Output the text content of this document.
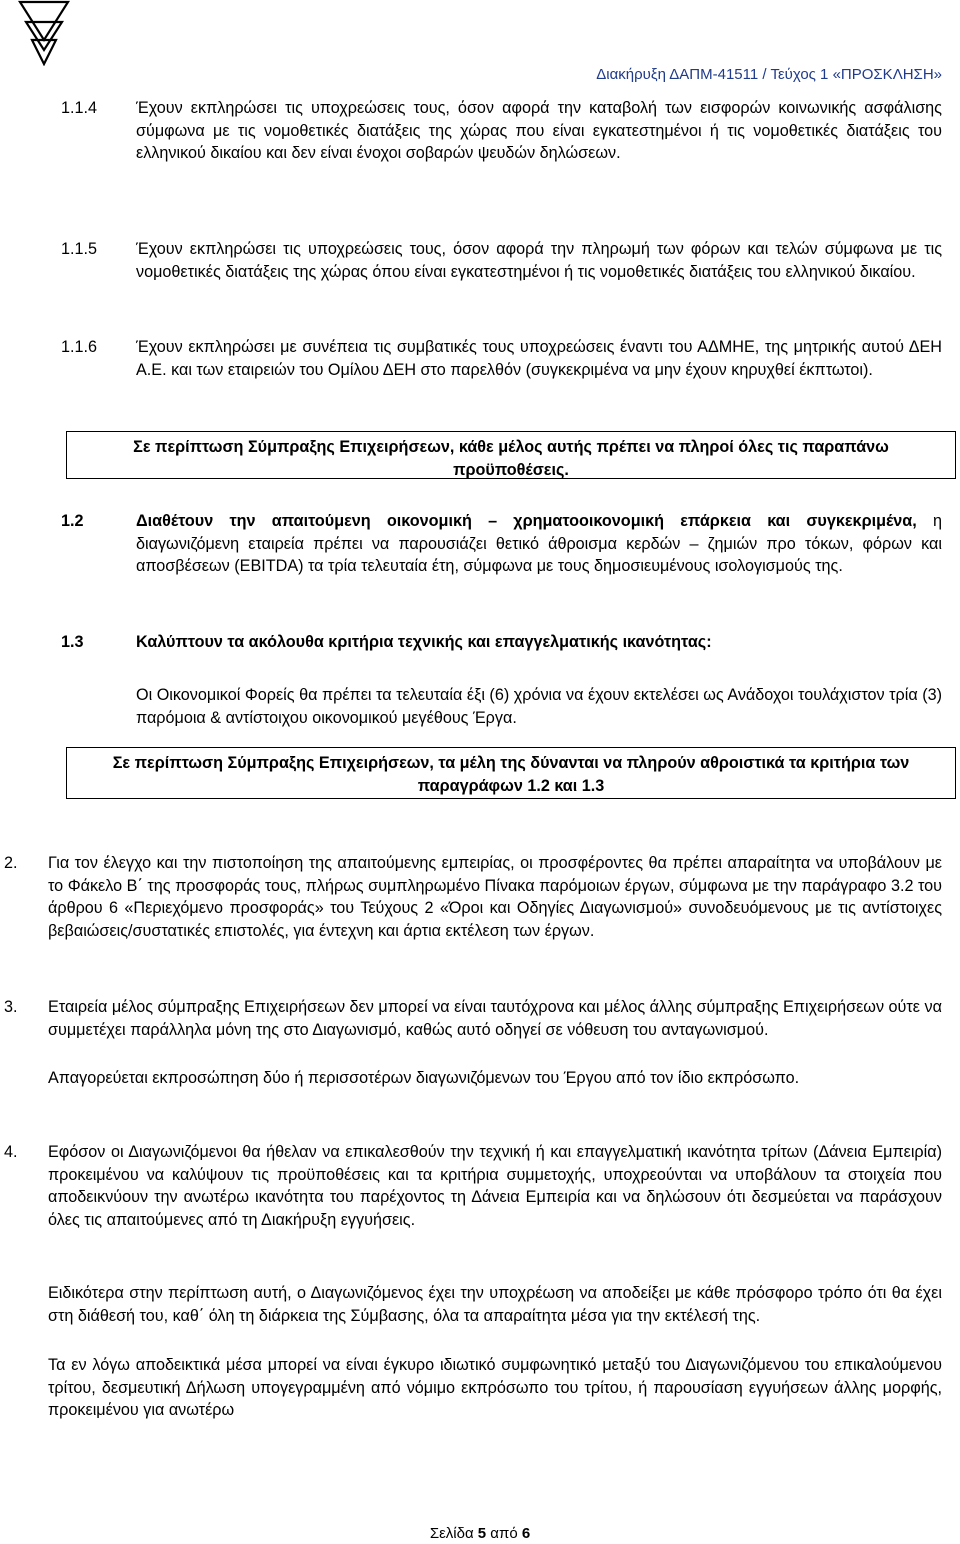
Διακήρυξη ΔΑΠΜ-41511 / Τεύχος 1 «ΠΡΟΣΚΛΗΣΗ»
1.1.4 Έχουν εκπληρώσει τις υποχρεώσεις τους, όσον αφορά την καταβολή των εισφορών κοινωνικής ασφάλισης σύμφωνα με τις νομοθετικές διατάξεις της χώρας που είναι εγκατεστημένοι ή τις νομοθετικές διατάξεις του ελληνικού δικαίου και δεν είναι ένοχοι σοβαρών ψευδών δηλώσεων.
1.1.5 Έχουν εκπληρώσει τις υποχρεώσεις τους, όσον αφορά την πληρωμή των φόρων και τελών σύμφωνα με τις νομοθετικές διατάξεις της χώρας όπου είναι εγκατεστημένοι ή τις νομοθετικές διατάξεις του ελληνικού δικαίου.
1.1.6 Έχουν εκπληρώσει με συνέπεια τις συμβατικές τους υποχρεώσεις έναντι του ΑΔΜΗΕ, της μητρικής αυτού ΔΕΗ Α.Ε. και των εταιρειών του Ομίλου ΔΕΗ στο παρελθόν (συγκεκριμένα να μην έχουν κηρυχθεί έκπτωτοι).
Σε περίπτωση Σύμπραξης Επιχειρήσεων, κάθε μέλος αυτής πρέπει να πληροί όλες τις παραπάνω προϋποθέσεις.
1.2	Διαθέτουν την απαιτούμενη οικονομική – χρηματοοικονομική επάρκεια και συγκεκριμένα, η διαγωνιζόμενη εταιρεία πρέπει να παρουσιάζει θετικό άθροισμα κερδών – ζημιών προ τόκων, φόρων και αποσβέσεων (EBITDA) τα τρία τελευταία έτη, σύμφωνα με τους δημοσιευμένους ισολογισμούς της.
1.3	Καλύπτουν τα ακόλουθα κριτήρια τεχνικής και επαγγελματικής ικανότητας:
Οι Οικονομικοί Φορείς θα πρέπει τα τελευταία έξι (6) χρόνια να έχουν εκτελέσει ως Ανάδοχοι τουλάχιστον τρία (3) παρόμοια & αντίστοιχου οικονομικού μεγέθους Έργα.
Σε περίπτωση Σύμπραξης Επιχειρήσεων, τα μέλη της δύνανται να πληρούν αθροιστικά τα κριτήρια των παραγράφων 1.2 και 1.3
2. Για τον έλεγχο και την πιστοποίηση της απαιτούμενης εμπειρίας, οι προσφέροντες θα πρέπει απαραίτητα να υποβάλουν με το Φάκελο Β΄ της προσφοράς τους, πλήρως συμπληρωμένο Πίνακα παρόμοιων έργων, σύμφωνα με την παράγραφο 3.2 του άρθρου 6 «Περιεχόμενο προσφοράς» του Τεύχους 2 «Όροι και Οδηγίες Διαγωνισμού» συνοδευόμενους με τις αντίστοιχες βεβαιώσεις/συστατικές επιστολές, για έντεχνη και άρτια εκτέλεση των έργων.
3. Εταιρεία μέλος σύμπραξης Επιχειρήσεων δεν μπορεί να είναι ταυτόχρονα και μέλος άλλης σύμπραξης Επιχειρήσεων ούτε να συμμετέχει παράλληλα μόνη της στο Διαγωνισμό, καθώς αυτό οδηγεί σε νόθευση του ανταγωνισμού.
Απαγορεύεται εκπροσώπηση δύο ή περισσοτέρων διαγωνιζόμενων του Έργου από τον ίδιο εκπρόσωπο.
4. Εφόσον οι Διαγωνιζόμενοι θα ήθελαν να επικαλεσθούν την τεχνική ή και επαγγελματική ικανότητα τρίτων (Δάνεια Εμπειρία) προκειμένου να καλύψουν τις προϋποθέσεις και τα κριτήρια συμμετοχής, υποχρεούνται να υποβάλουν τα στοιχεία που αποδεικνύουν την ανωτέρω ικανότητα του παρέχοντος τη Δάνεια Εμπειρία και να δηλώσουν ότι δεσμεύεται να παράσχουν όλες τις απαιτούμενες από τη Διακήρυξη εγγυήσεις.
Ειδικότερα στην περίπτωση αυτή, ο Διαγωνιζόμενος έχει την υποχρέωση να αποδείξει με κάθε πρόσφορο τρόπο ότι θα έχει στη διάθεσή του, καθ΄ όλη τη διάρκεια της Σύμβασης, όλα τα απαραίτητα μέσα για την εκτέλεσή της.
Τα εν λόγω αποδεικτικά μέσα μπορεί να είναι έγκυρο ιδιωτικό συμφωνητικό μεταξύ του Διαγωνιζόμενου του επικαλούμενου τρίτου, δεσμευτική Δήλωση υπογεγραμμένη από νόμιμο εκπρόσωπο του τρίτου, ή παρουσίαση εγγυήσεων άλλης μορφής, προκειμένου για ανωτέρω
Σελίδα 5 από 6
